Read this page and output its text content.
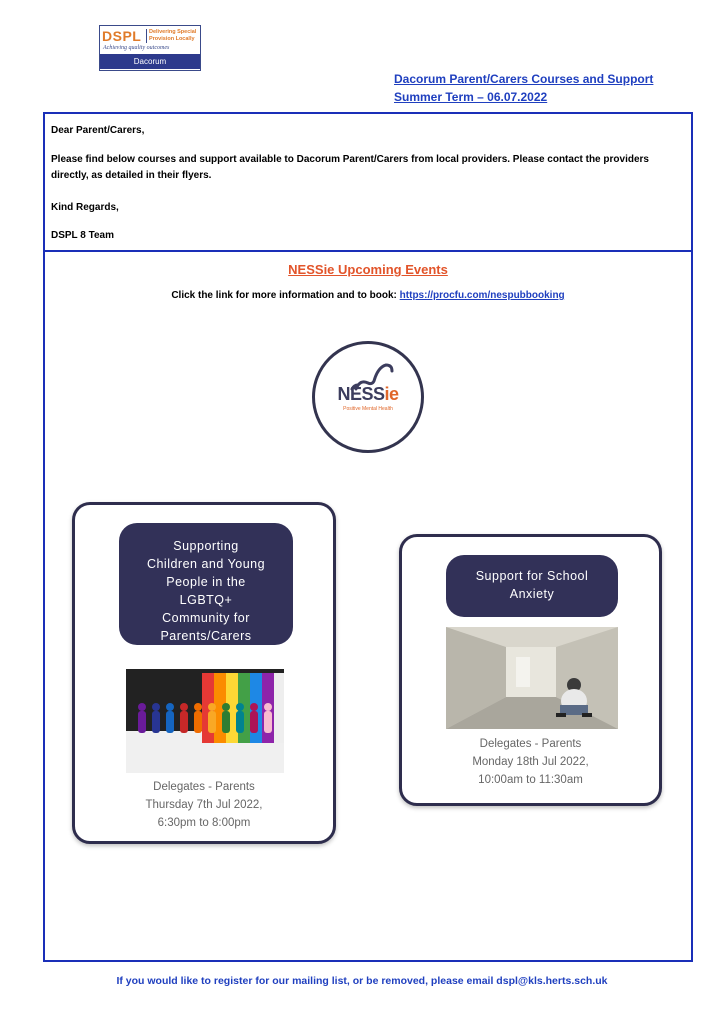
DSPL Delivering Special
Provision Locally
Achieving quality outcomes
Dacorum
Dacorum Parent/Carers Courses and Support
Summer Term – 06.07.2022

Dear Parent/Carers,

Please find below courses and support available to Dacorum Parent/Carers from local providers. Please contact the providers directly, as detailed in their flyers.

Kind Regards,

DSPL 8 Team

NESSie Upcoming Events
Click the link for more information and to book: https://procfu.com/nespubbooking
NESSie
Positive Mental Health
Supporting
Children and Young
People in the
LGBTQ+
Community for
Parents/Carers
Delegates - Parents
Thursday 7th Jul 2022,
6:30pm to 8:00pm
Support for School
Anxiety
Delegates - Parents
Monday 18th Jul 2022,
10:00am to 11:30am
If you would like to register for our mailing list, or be removed, please email dspl@kls.herts.sch.uk
